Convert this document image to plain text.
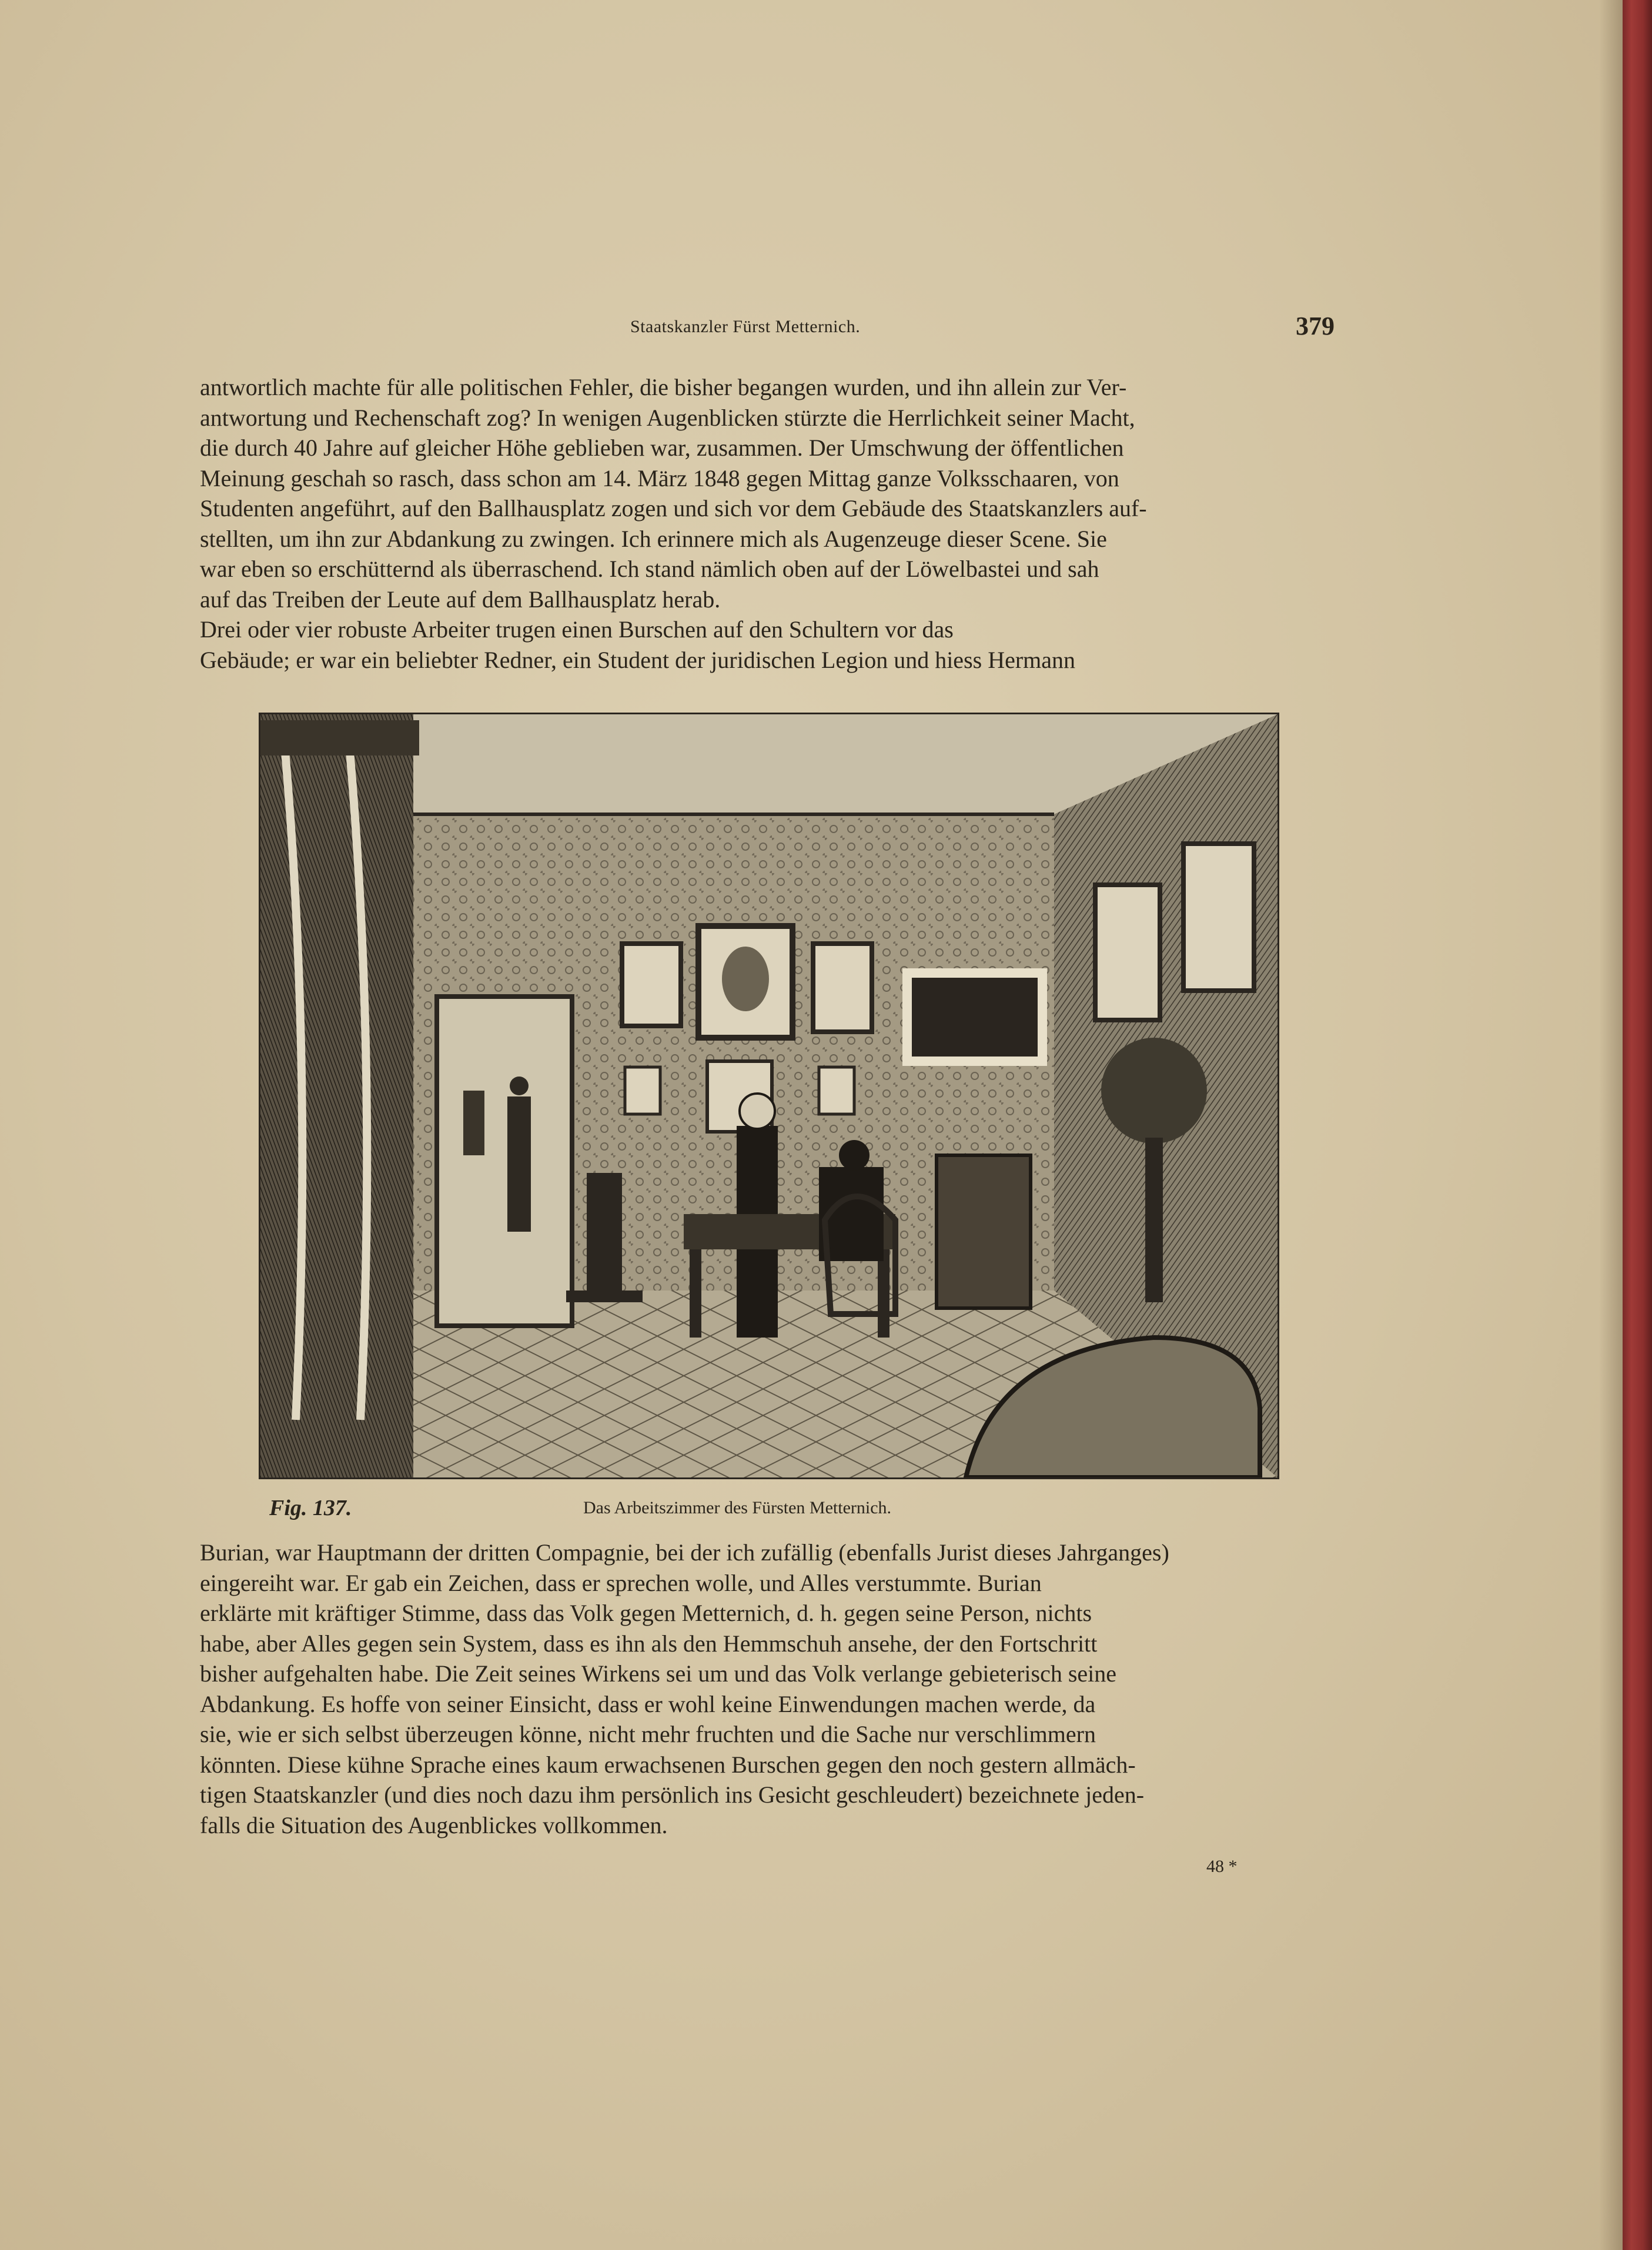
Staatskanzler Fürst Metternich.	379

antwortlich machte für alle politischen Fehler, die bisher begangen wurden, und ihn allein zur Ver-
antwortung und Rechenschaft zog? In wenigen Augenblicken stürzte die Herrlichkeit seiner Macht,
die durch 40 Jahre auf gleicher Höhe geblieben war, zusammen. Der Umschwung der öffentlichen
Meinung geschah so rasch, dass schon am 14. März 1848 gegen Mittag ganze Volksschaaren, von
Studenten angeführt, auf den Ballhausplatz zogen und sich vor dem Gebäude des Staatskanzlers auf-
stellten, um ihn zur Abdankung zu zwingen. Ich erinnere mich als Augenzeuge dieser Scene. Sie
war eben so erschütternd als überraschend. Ich stand nämlich oben auf der Löwelbastei und sah
auf das Treiben der Leute auf dem Ballhausplatz herab.
Drei oder vier robuste Arbeiter trugen einen Burschen auf den Schultern vor das
Gebäude; er war ein beliebter Redner, ein Student der juridischen Legion und hiess Hermann

Fig. 137.	Das Arbeitszimmer des Fürsten Metternich.

Burian, war Hauptmann der dritten Compagnie, bei der ich zufällig (ebenfalls Jurist dieses Jahrganges)
eingereiht war. Er gab ein Zeichen, dass er sprechen wolle, und Alles verstummte. Burian
erklärte mit kräftiger Stimme, dass das Volk gegen Metternich, d. h. gegen seine Person, nichts
habe, aber Alles gegen sein System, dass es ihn als den Hemmschuh ansehe, der den Fortschritt
bisher aufgehalten habe. Die Zeit seines Wirkens sei um und das Volk verlange gebieterisch seine
Abdankung. Es hoffe von seiner Einsicht, dass er wohl keine Einwendungen machen werde, da
sie, wie er sich selbst überzeugen könne, nicht mehr fruchten und die Sache nur verschlimmern
könnten. Diese kühne Sprache eines kaum erwachsenen Burschen gegen den noch gestern allmäch-
tigen Staatskanzler (und dies noch dazu ihm persönlich ins Gesicht geschleudert) bezeichnete jeden-
falls die Situation des Augenblickes vollkommen.

48 *
